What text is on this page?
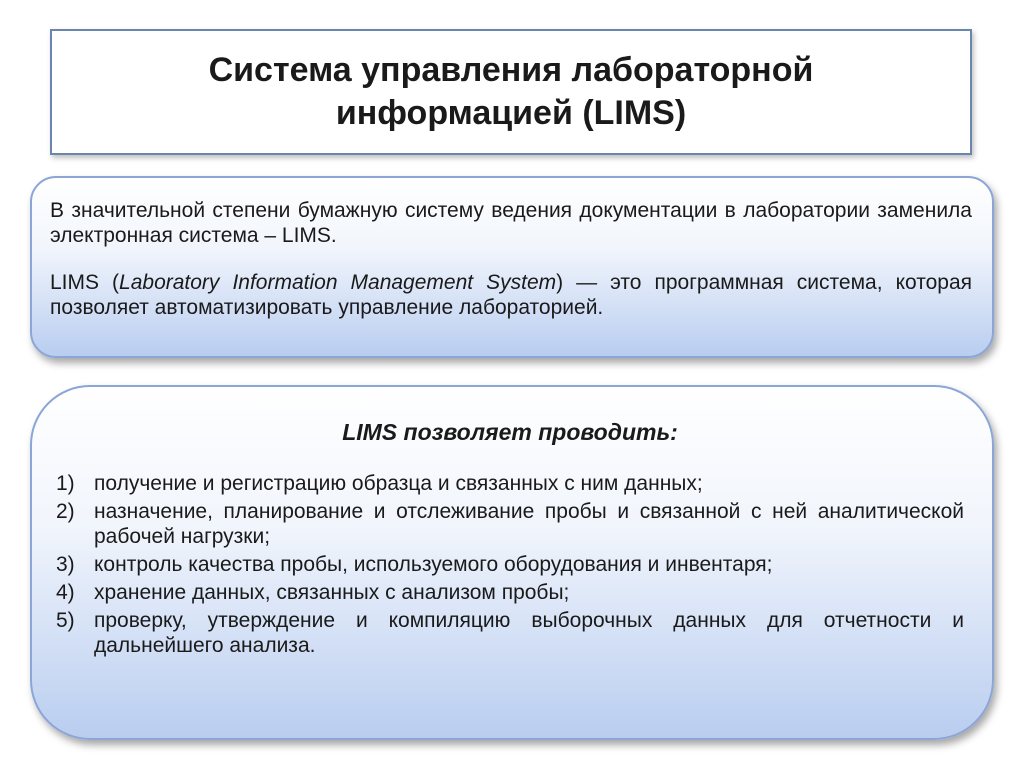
Система управления лабораторной
информацией (LIMS)

В значительной степени бумажную систему ведения документации в лаборатории заменила электронная система – LIMS.

LIMS (Laboratory Information Management System) — это программная система, которая позволяет автоматизировать управление лабораторией.

LIMS позволяет проводить:

1) получение и регистрацию образца и связанных с ним данных;
2) назначение, планирование и отслеживание пробы и связанной с ней аналитической рабочей нагрузки;
3) контроль качества пробы, используемого оборудования и инвентаря;
4) хранение данных, связанных с анализом пробы;
5) проверку, утверждение и компиляцию выборочных данных для отчетности и дальнейшего анализа.
